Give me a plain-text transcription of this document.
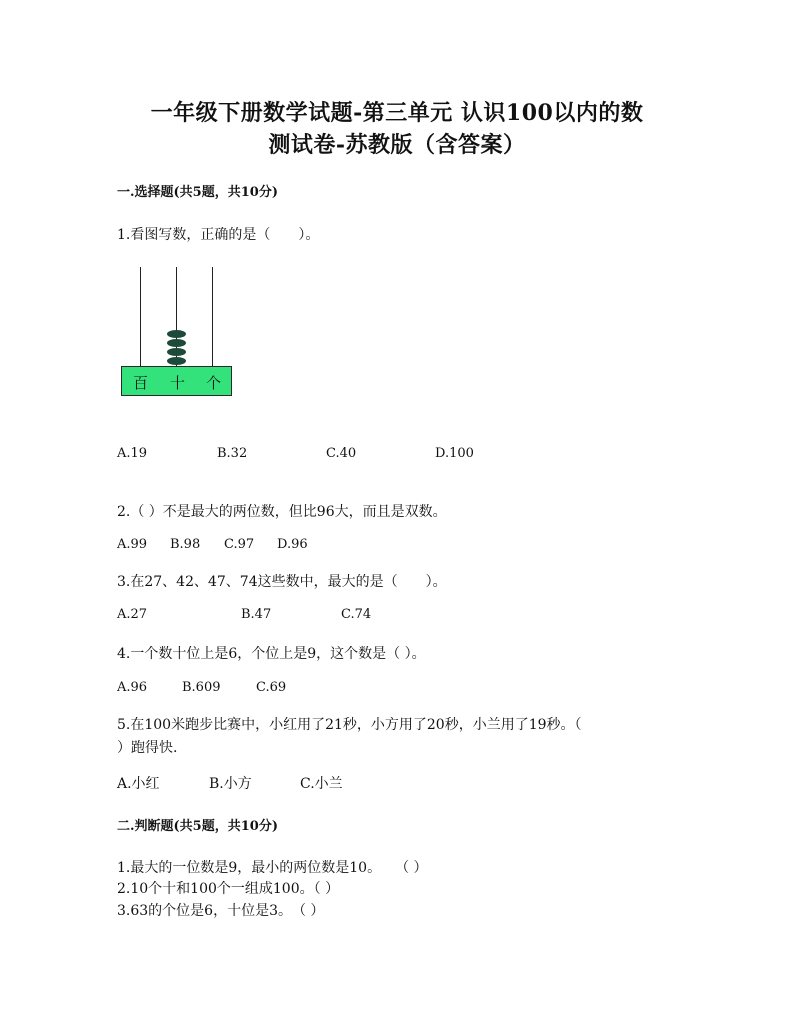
一年级下册数学试题-第三单元 认识100以内的数
测试卷-苏教版（含答案）
一.选择题(共5题，共10分)
1.看图写数，正确的是（　　）。
百 十 个
A.19	B.32	C.40	D.100
2.（ ）不是最大的两位数，但比96大，而且是双数。
A.99 B.98 C.97 D.96
3.在27、42、47、74这些数中，最大的是（　　）。
A.27	B.47	C.74
4.一个数十位上是6，个位上是9，这个数是（ ）。
A.96	B.609	C.69
5.在100米跑步比赛中，小红用了21秒，小方用了20秒，小兰用了19秒。（
）跑得快.
A.小红	B.小方	C.小兰
二.判断题(共5题，共10分)
1.最大的一位数是9，最小的两位数是10。　　（ ）
2.10个十和100个一组成100。（ ）
3.63的个位是6，十位是3。　（ ）
